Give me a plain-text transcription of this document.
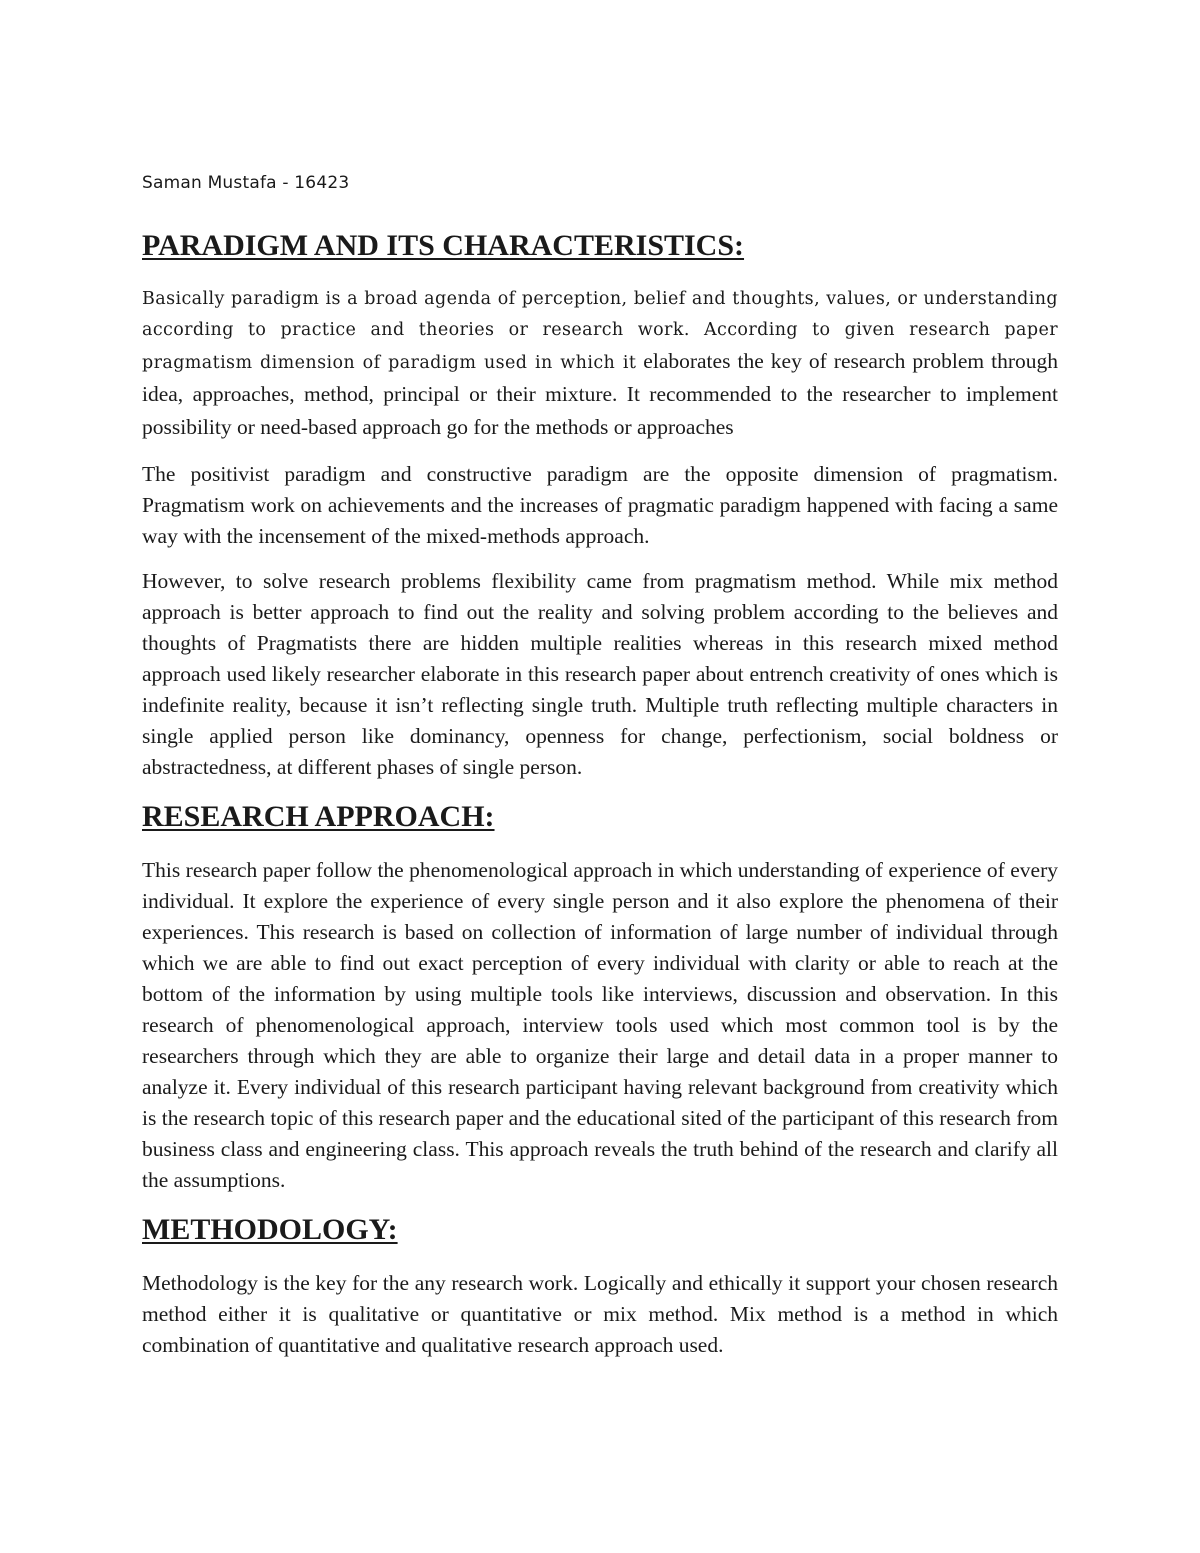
Saman Mustafa - 16423
PARADIGM AND ITS CHARACTERISTICS:

Basically paradigm is a broad agenda of perception, belief and thoughts, values, or understanding according to practice and theories or research work. According to given research paper pragmatism dimension of paradigm used in which it elaborates the key of research problem through idea, approaches, method, principal or their mixture. It recommended to the researcher to implement possibility or need-based approach go for the methods or approaches

The positivist paradigm and constructive paradigm are the opposite dimension of pragmatism. Pragmatism work on achievements and the increases of pragmatic paradigm happened with facing a same way with the incensement of the mixed-methods approach.

However, to solve research problems flexibility came from pragmatism method. While mix method approach is better approach to find out the reality and solving problem according to the believes and thoughts of Pragmatists there are hidden multiple realities whereas in this research mixed method approach used likely researcher elaborate in this research paper about entrench creativity of ones which is indefinite reality, because it isn’t reflecting single truth. Multiple truth reflecting multiple characters in single applied person like dominancy, openness for change, perfectionism, social boldness or abstractedness, at different phases of single person.

RESEARCH APPROACH:

This research paper follow the phenomenological approach in which understanding of experience of every individual. It explore the experience of every single person and it also explore the phenomena of their experiences. This research is based on collection of information of large number of individual through which we are able to find out exact perception of every individual with clarity or able to reach at the bottom of the information by using multiple tools like interviews, discussion and observation. In this research of phenomenological approach, interview tools used which most common tool is by the researchers through which they are able to organize their large and detail data in a proper manner to analyze it. Every individual of this research participant having relevant background from creativity which is the research topic of this research paper and the educational sited of the participant of this research from business class and engineering class. This approach reveals the truth behind of the research and clarify all the assumptions.

METHODOLOGY:

Methodology is the key for the any research work. Logically and ethically it support your chosen research method either it is qualitative or quantitative or mix method. Mix method is a method in which combination of quantitative and qualitative research approach used.
